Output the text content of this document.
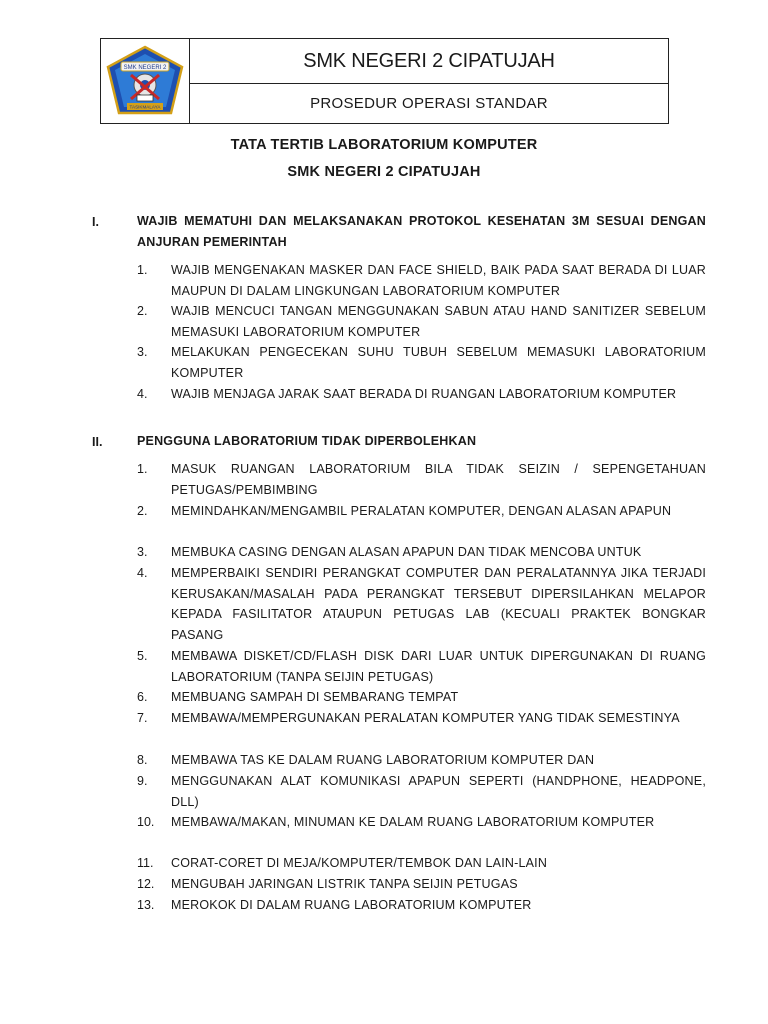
SMK NEGERI 2
TASIKMALAYA
SMK NEGERI 2 CIPATUJAH
PROSEDUR OPERASI STANDAR
TATA TERTIB LABORATORIUM KOMPUTER
SMK NEGERI 2 CIPATUJAH
I.	WAJIB MEMATUHI DAN MELAKSANAKAN PROTOKOL KESEHATAN 3M SESUAI DENGAN ANJURAN PEMERINTAH
1. WAJIB MENGENAKAN MASKER DAN FACE SHIELD, BAIK PADA SAAT BERADA DI LUAR MAUPUN DI DALAM LINGKUNGAN LABORATORIUM KOMPUTER
2. WAJIB MENCUCI TANGAN MENGGUNAKAN SABUN ATAU HAND SANITIZER SEBELUM MEMASUKI LABORATORIUM KOMPUTER
3. MELAKUKAN PENGECEKAN SUHU TUBUH SEBELUM MEMASUKI LABORATORIUM KOMPUTER
4. WAJIB MENJAGA JARAK SAAT BERADA DI RUANGAN LABORATORIUM KOMPUTER
II.	PENGGUNA LABORATORIUM TIDAK DIPERBOLEHKAN
1. MASUK RUANGAN LABORATORIUM BILA TIDAK SEIZIN / SEPENGETAHUAN PETUGAS/PEMBIMBING
2. MEMINDAHKAN/MENGAMBIL PERALATAN KOMPUTER, DENGAN ALASAN APAPUN
3. MEMBUKA CASING DENGAN ALASAN APAPUN DAN TIDAK MENCOBA UNTUK
4. MEMPERBAIKI SENDIRI PERANGKAT COMPUTER DAN PERALATANNYA JIKA TERJADI KERUSAKAN/MASALAH PADA PERANGKAT TERSEBUT DIPERSILAHKAN MELAPOR KEPADA FASILITATOR ATAUPUN PETUGAS LAB (KECUALI PRAKTEK BONGKAR PASANG
5. MEMBAWA DISKET/CD/FLASH DISK DARI LUAR UNTUK DIPERGUNAKAN DI RUANG LABORATORIUM (TANPA SEIJIN PETUGAS)
6. MEMBUANG SAMPAH DI SEMBARANG TEMPAT
7. MEMBAWA/MEMPERGUNAKAN PERALATAN KOMPUTER YANG TIDAK SEMESTINYA
8. MEMBAWA TAS KE DALAM RUANG LABORATORIUM KOMPUTER DAN
9. MENGGUNAKAN ALAT KOMUNIKASI APAPUN SEPERTI (HANDPHONE, HEADPONE, DLL)
10. MEMBAWA/MAKAN, MINUMAN KE DALAM RUANG LABORATORIUM KOMPUTER
11. CORAT-CORET DI MEJA/KOMPUTER/TEMBOK DAN LAIN-LAIN
12. MENGUBAH JARINGAN LISTRIK TANPA SEIJIN PETUGAS
13. MEROKOK DI DALAM RUANG LABORATORIUM KOMPUTER
